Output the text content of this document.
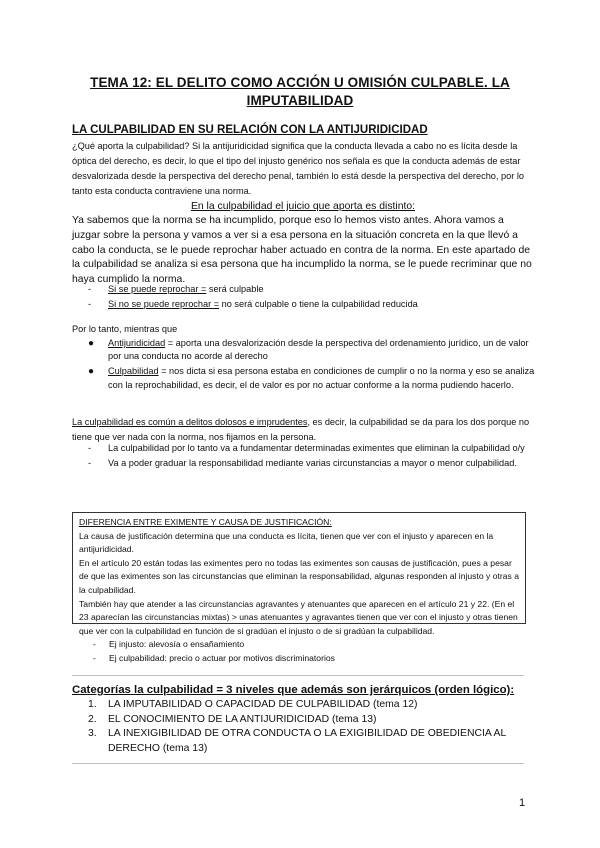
TEMA 12: EL DELITO COMO ACCIÓN U OMISIÓN CULPABLE. LA IMPUTABILIDAD
LA CULPABILIDAD EN SU RELACIÓN CON LA ANTIJURIDICIDAD
¿Qué aporta la culpabilidad? Si la antijuridicidad significa que la conducta llevada a cabo no es lícita desde la óptica del derecho, es decir, lo que el tipo del injusto genérico nos señala es que la conducta además de estar desvalorizada desde la perspectiva del derecho penal, también lo está desde la perspectiva del derecho, por lo tanto esta conducta contraviene una norma.
En la culpabilidad el juicio que aporta es distinto:
Ya sabemos que la norma se ha incumplido, porque eso lo hemos visto antes. Ahora vamos a juzgar sobre la persona y vamos a ver si a esa persona en la situación concreta en la que llevó a cabo la conducta, se le puede reprochar haber actuado en contra de la norma. En este apartado de la culpabilidad se analiza si esa persona que ha incumplido la norma, se le puede recriminar que no haya cumplido la norma.
-	Si se puede reprochar = será culpable
-	Si no se puede reprochar = no será culpable o tiene la culpabilidad reducida
Por lo tanto, mientras que
●	Antijuridicidad = aporta una desvalorización desde la perspectiva del ordenamiento jurídico, un de valor por una conducta no acorde al derecho
●	Culpabilidad = nos dicta si esa persona estaba en condiciones de cumplir o no la norma y eso se analiza con la reprochabilidad, es decir, el de valor es por no actuar conforme a la norma pudiendo hacerlo.
La culpabilidad es común a delitos dolosos e imprudentes, es decir, la culpabilidad se da para los dos porque no tiene que ver nada con la norma, nos fijamos en la persona.
-	La culpabilidad por lo tanto va a fundamentar determinadas eximentes que eliminan la culpabilidad o/y
-	Va a poder graduar la responsabilidad mediante varias circunstancias a mayor o menor culpabilidad.
DIFERENCIA ENTRE EXIMENTE Y CAUSA DE JUSTIFICACIÓN:
La causa de justificación determina que una conducta es lícita, tienen que ver con el injusto y aparecen en la antijuridicidad.
En el artículo 20 están todas las eximentes pero no todas las eximentes son causas de justificación, pues a pesar de que las eximentes son las circunstancias que eliminan la responsabilidad, algunas responden al injusto y otras a la culpabilidad.
También hay que atender a las circunstancias agravantes y atenuantes que aparecen en el artículo 21 y 22. (En el 23 aparecían las circunstancias mixtas) > unas atenuantes y agravantes tienen que ver con el injusto y otras tienen que ver con la culpabilidad en función de si gradúan el injusto o de si gradúan la culpabilidad.
-	Ej injusto: alevosía o ensañamiento
-	Ej culpabilidad: precio o actuar por motivos discriminatorios
Categorías la culpabilidad = 3 niveles que además son jerárquicos (orden lógico):
1.	LA IMPUTABILIDAD O CAPACIDAD DE CULPABILIDAD (tema 12)
2.	EL CONOCIMIENTO DE LA ANTIJURIDICIDAD (tema 13)
3.	LA INEXIGIBILIDAD DE OTRA CONDUCTA O LA EXIGIBILIDAD DE OBEDIENCIA AL DERECHO (tema 13)
1
